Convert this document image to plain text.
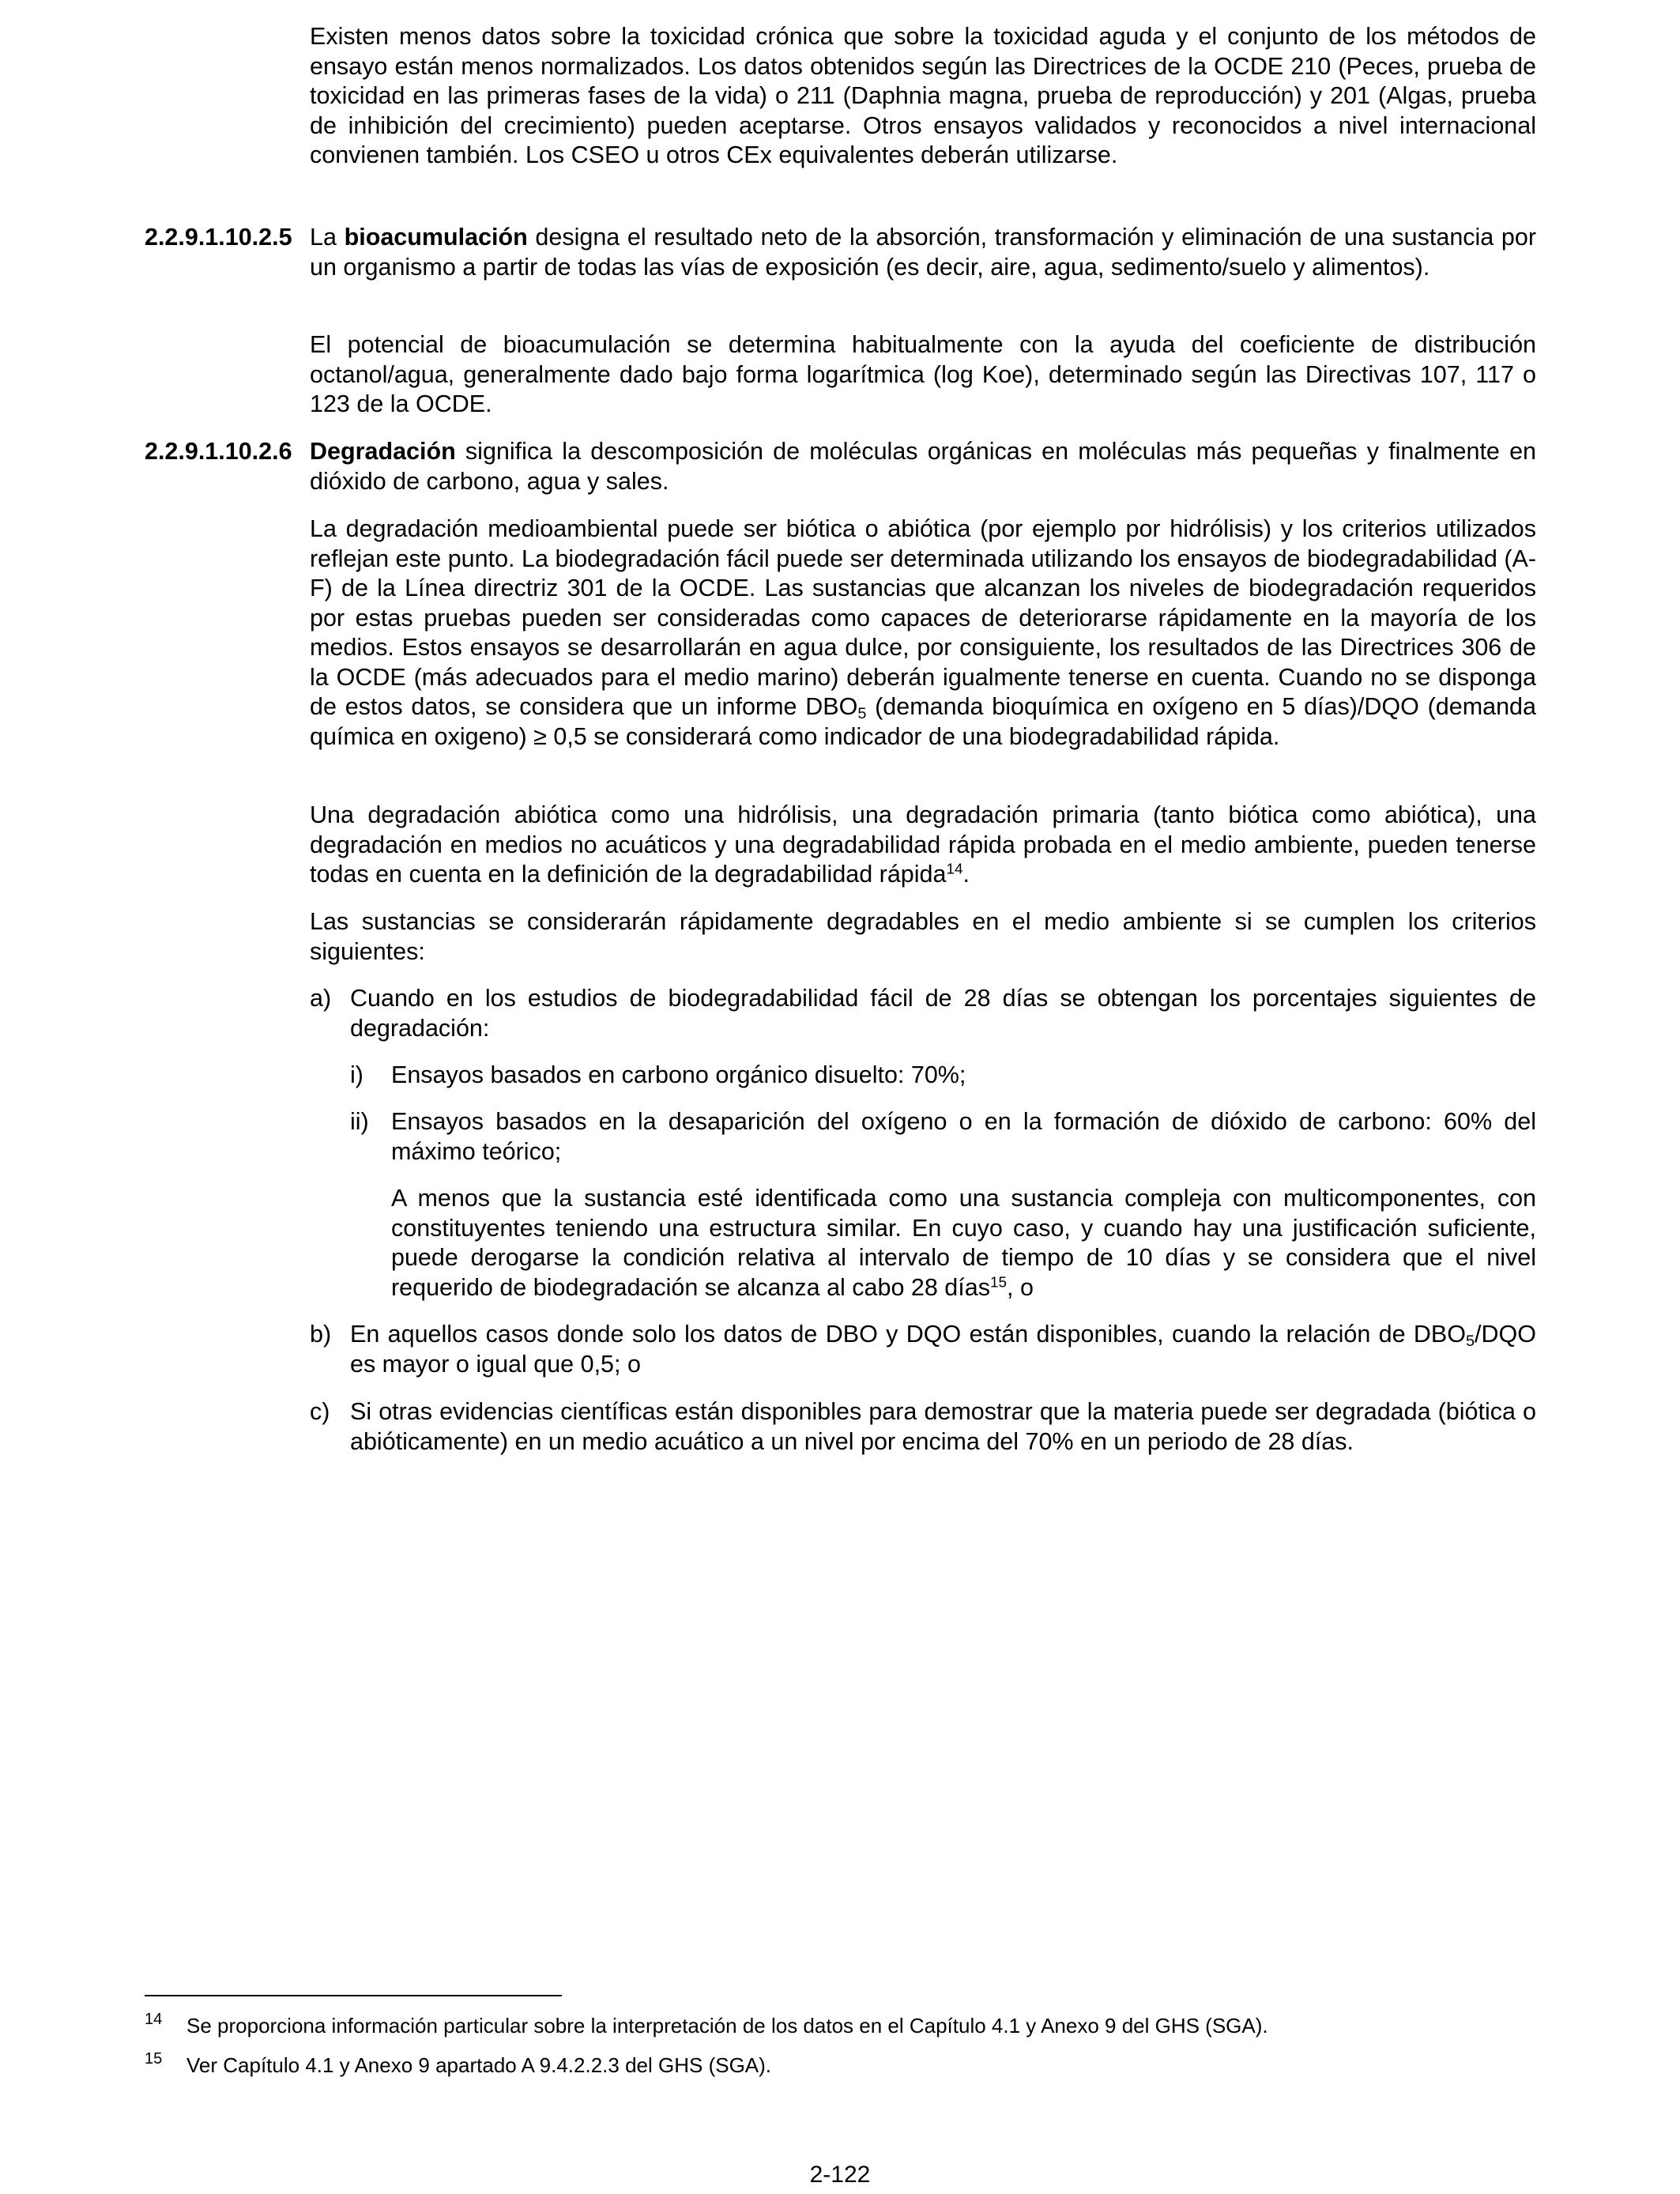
Existen menos datos sobre la toxicidad crónica que sobre la toxicidad aguda y el conjunto de los métodos de ensayo están menos normalizados. Los datos obtenidos según las Directrices de la OCDE 210 (Peces, prueba de toxicidad en las primeras fases de la vida) o 211 (Daphnia magna, prueba de reproducción) y 201 (Algas, prueba de inhibición del crecimiento) pueden aceptarse. Otros ensayos validados y reconocidos a nivel internacional convienen también. Los CSEO u otros CEx equivalentes deberán utilizarse.

2.2.9.1.10.2.5 La bioacumulación designa el resultado neto de la absorción, transformación y eliminación de una sustancia por un organismo a partir de todas las vías de exposición (es decir, aire, agua, sedimento/suelo y alimentos).

El potencial de bioacumulación se determina habitualmente con la ayuda del coeficiente de distribución octanol/agua, generalmente dado bajo forma logarítmica (log Koe), determinado según las Directivas 107, 117 o 123 de la OCDE.

2.2.9.1.10.2.6 Degradación significa la descomposición de moléculas orgánicas en moléculas más pequeñas y finalmente en dióxido de carbono, agua y sales.

La degradación medioambiental puede ser biótica o abiótica (por ejemplo por hidrólisis) y los criterios utilizados reflejan este punto. La biodegradación fácil puede ser determinada utilizando los ensayos de biodegradabilidad (A-F) de la Línea directriz 301 de la OCDE. Las sustancias que alcanzan los niveles de biodegradación requeridos por estas pruebas pueden ser consideradas como capaces de deteriorarse rápidamente en la mayoría de los medios. Estos ensayos se desarrollarán en agua dulce, por consiguiente, los resultados de las Directrices 306 de la OCDE (más adecuados para el medio marino) deberán igualmente tenerse en cuenta. Cuando no se disponga de estos datos, se considera que un informe $DBO_5$ (demanda bioquímica en oxígeno en 5 días)/DQO (demanda química en oxigeno) ≥ 0,5 se considerará como indicador de una biodegradabilidad rápida.

Una degradación abiótica como una hidrólisis, una degradación primaria (tanto biótica como abiótica), una degradación en medios no acuáticos y una degradabilidad rápida probada en el medio ambiente, pueden tenerse todas en cuenta en la definición de la degradabilidad rápida$^{14}$.

Las sustancias se considerarán rápidamente degradables en el medio ambiente si se cumplen los criterios siguientes:

a) Cuando en los estudios de biodegradabilidad fácil de 28 días se obtengan los porcentajes siguientes de degradación:

i)	Ensayos basados en carbono orgánico disuelto: 70%;

ii) Ensayos basados en la desaparición del oxígeno o en la formación de dióxido de carbono: 60% del máximo teórico;

A menos que la sustancia esté identificada como una sustancia compleja con multicomponentes, con constituyentes teniendo una estructura similar. En cuyo caso, y cuando hay una justificación suficiente, puede derogarse la condición relativa al intervalo de tiempo de 10 días y se considera que el nivel requerido de biodegradación se alcanza al cabo 28 días$^{15}$, o

b) En aquellos casos donde solo los datos de DBO y DQO están disponibles, cuando la relación de $DBO_5$/DQO es mayor o igual que 0,5; o

c) Si otras evidencias científicas están disponibles para demostrar que la materia puede ser degradada (biótica o abióticamente) en un medio acuático a un nivel por encima del 70% en un periodo de 28 días.

14 Se proporciona información particular sobre la interpretación de los datos en el Capítulo 4.1 y Anexo 9 del GHS (SGA).
15 Ver Capítulo 4.1 y Anexo 9 apartado A 9.4.2.2.3 del GHS (SGA).
2-122
